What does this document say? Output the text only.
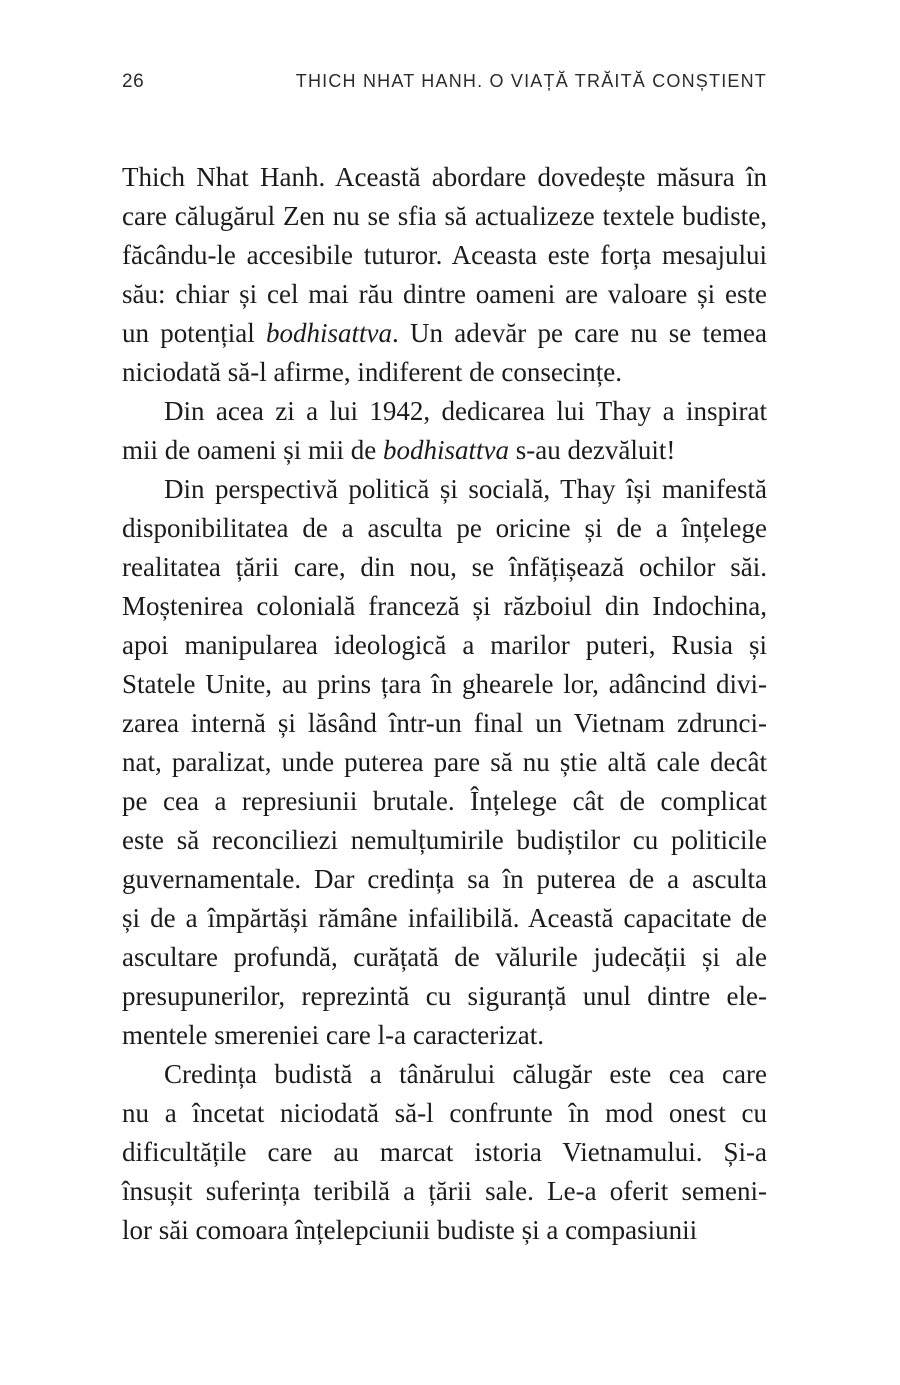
26	THICH NHAT HANH. O VIAȚĂ TRĂITĂ CONȘTIENT
Thich Nhat Hanh. Această abordare dovedește măsura în
care călugărul Zen nu se sfia să actualizeze textele budiste,
făcându-le accesibile tuturor. Aceasta este forța mesajului
său: chiar și cel mai rău dintre oameni are valoare și este
un potențial bodhisattva. Un adevăr pe care nu se temea
niciodată să-l afirme, indiferent de consecințe.
Din acea zi a lui 1942, dedicarea lui Thay a inspirat
mii de oameni și mii de bodhisattva s-au dezvăluit!
Din perspectivă politică și socială, Thay își manifestă
disponibilitatea de a asculta pe oricine și de a înțelege
realitatea țării care, din nou, se înfățișează ochilor săi.
Moștenirea colonială franceză și războiul din Indochina,
apoi manipularea ideologică a marilor puteri, Rusia și
Statele Unite, au prins țara în ghearele lor, adâncind divi-
zarea internă și lăsând într-un final un Vietnam zdrunci-
nat, paralizat, unde puterea pare să nu știe altă cale decât
pe cea a represiunii brutale. Înțelege cât de complicat
este să reconciliezi nemulțumirile budiștilor cu politicile
guvernamentale. Dar credința sa în puterea de a asculta
și de a împărtăși rămâne infailibilă. Această capacitate de
ascultare profundă, curățată de vălurile judecății și ale
presupunerilor, reprezintă cu siguranță unul dintre ele-
mentele smereniei care l-a caracterizat.
Credința budistă a tânărului călugăr este cea care
nu a încetat niciodată să-l confrunte în mod onest cu
dificultățile care au marcat istoria Vietnamului. Și-a
însușit suferința teribilă a țării sale. Le-a oferit semeni-
lor săi comoara înțelepciunii budiste și a compasiunii
